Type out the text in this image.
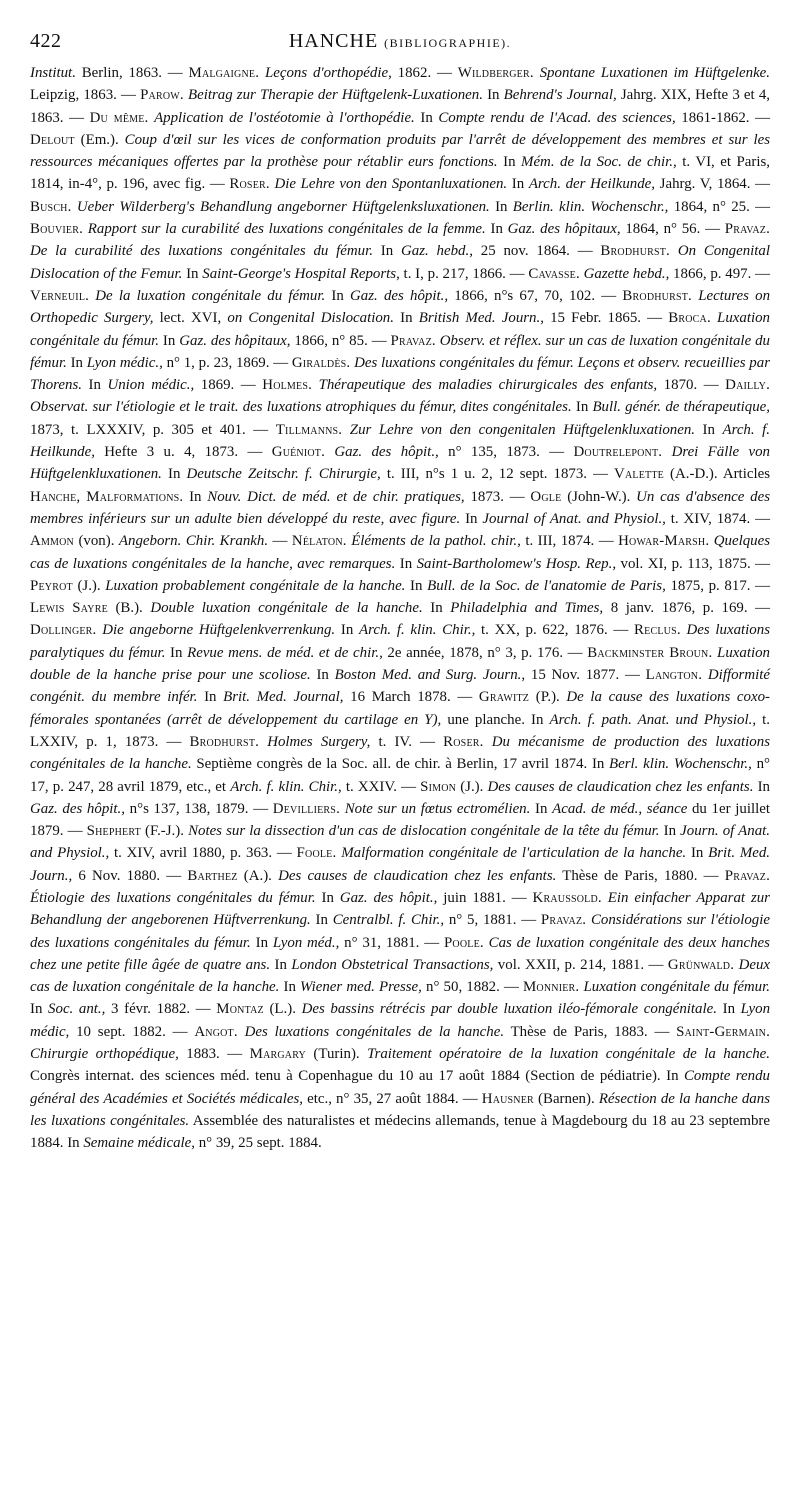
422	HANCHE (BIBLIOGRAPHIE).

Institut. Berlin, 1863. — Malgaigne. Leçons d'orthopédie, 1862. — Wildberger. Spontane Luxationen im Hüftgelenke. Leipzig, 1863. — Parow. Beitrag zur Therapie der Hüftgelenk-Luxationen. In Behrend's Journal, Jahrg. XIX, Hefte 3 et 4, 1863. — Du même. Application de l'ostéotomie à l'orthopédie. In Compte rendu de l'Acad. des sciences, 1861-1862. — Delout (Em.). Coup d'œil sur les vices de conformation produits par l'arrêt de développement des membres et sur les ressources mécaniques offertes par la prothèse pour rétablir eurs fonctions. In Mém. de la Soc. de chir., t. VI, et Paris, 1814, in-4°, p. 196, avec fig. — Roser. Die Lehre von den Spontanluxationen. In Arch. der Heilkunde, Jahrg. V, 1864. — Busch. Ueber Wilderberg's Behandlung angeborner Hüftgelenksluxationen. In Berlin. klin. Wochenschr., 1864, n° 25. — Bouvier. Rapport sur la curabilité des luxations congénitales de la femme. In Gaz. des hôpitaux, 1864, n° 56. — Pravaz. De la curabilité des luxations congénitales du fémur. In Gaz. hebd., 25 nov. 1864. — Brodhurst. On Congenital Dislocation of the Femur. In Saint-George's Hospital Reports, t. I, p. 217, 1866. — Cavasse. Gazette hebd., 1866, p. 497. — Verneuil. De la luxation congénitale du fémur. In Gaz. des hôpit., 1866, n°s 67, 70, 102. — Brodhurst. Lectures on Orthopedic Surgery, lect. XVI, on Congenital Dislocation. In British Med. Journ., 15 Febr. 1865. — Broca. Luxation congénitale du fémur. In Gaz. des hôpitaux, 1866, n° 85. — Pravaz. Observ. et réflex. sur un cas de luxation congénitale du fémur. In Lyon médic., n° 1, p. 23, 1869. — Giraldès. Des luxations congénitales du fémur. Leçons et observ. recueillies par Thorens. In Union médic., 1869. — Holmes. Thérapeutique des maladies chirurgicales des enfants, 1870. — Dailly. Observat. sur l'étiologie et le trait. des luxations atrophiques du fémur, dites congénitales. In Bull. génér. de thérapeutique, 1873, t. LXXXIV, p. 305 et 401. — Tillmanns. Zur Lehre von den congenitalen Hüftgelenkluxationen. In Arch. f. Heilkunde, Hefte 3 u. 4, 1873. — Guéniot. Gaz. des hôpit., n° 135, 1873. — Doutrelepont. Drei Fälle von Hüftgelenkluxationen. In Deutsche Zeitschr. f. Chirurgie, t. III, n°s 1 u. 2, 12 sept. 1873. — Valette (A.-D.). Articles Hanche, Malformations. In Nouv. Dict. de méd. et de chir. pratiques, 1873. — Ogle (John-W.). Un cas d'absence des membres inférieurs sur un adulte bien développé du reste, avec figure. In Journal of Anat. and Physiol., t. XIV, 1874. — Ammon (von). Angeborn. Chir. Krankh. — Nélaton. Éléments de la pathol. chir., t. III, 1874. — Howar-Marsh. Quelques cas de luxations congénitales de la hanche, avec remarques. In Saint-Bartholomew's Hosp. Rep., vol. XI, p. 113, 1875. — Peyrot (J.). Luxation probablement congénitale de la hanche. In Bull. de la Soc. de l'anatomie de Paris, 1875, p. 817. — Lewis Sayre (B.). Double luxation congénitale de la hanche. In Philadelphia and Times, 8 janv. 1876, p. 169. — Dollinger. Die angeborne Hüftgelenkverrenkung. In Arch. f. klin. Chir., t. XX, p. 622, 1876. — Reclus. Des luxations paralytiques du fémur. In Revue mens. de méd. et de chir., 2e année, 1878, n° 3, p. 176. — Backminster Broun. Luxation double de la hanche prise pour une scoliose. In Boston Med. and Surg. Journ., 15 Nov. 1877. — Langton. Difformité congénit. du membre infér. In Brit. Med. Journal, 16 March 1878. — Grawitz (P.). De la cause des luxations coxo-fémorales spontanées (arrêt de développement du cartilage en Y), une planche. In Arch. f. path. Anat. und Physiol., t. LXXIV, p. 1, 1873. — Brodhurst. Holmes Surgery, t. IV. — Roser. Du mécanisme de production des luxations congénitales de la hanche. Septième congrès de la Soc. all. de chir. à Berlin, 17 avril 1874. In Berl. klin. Wochenschr., n° 17, p. 247, 28 avril 1879, etc., et Arch. f. klin. Chir., t. XXIV. — Simon (J.). Des causes de claudication chez les enfants. In Gaz. des hôpit., n°s 137, 138, 1879. — Devilliers. Note sur un fœtus ectromélien. In Acad. de méd., séance du 1er juillet 1879. — Shephert (F.-J.). Notes sur la dissection d'un cas de dislocation congénitale de la tête du fémur. In Journ. of Anat. and Physiol., t. XIV, avril 1880, p. 363. — Foole. Malformation congénitale de l'articulation de la hanche. In Brit. Med. Journ., 6 Nov. 1880. — Barthez (A.). Des causes de claudication chez les enfants. Thèse de Paris, 1880. — Pravaz. Étiologie des luxations congénitales du fémur. In Gaz. des hôpit., juin 1881. — Kraussold. Ein einfacher Apparat zur Behandlung der angeborenen Hüftverrenkung. In Centralbl. f. Chir., n° 5, 1881. — Pravaz. Considérations sur l'étiologie des luxations congénitales du fémur. In Lyon méd., n° 31, 1881. — Poole. Cas de luxation congénitale des deux hanches chez une petite fille âgée de quatre ans. In London Obstetrical Transactions, vol. XXII, p. 214, 1881. — Grünwald. Deux cas de luxation congénitale de la hanche. In Wiener med. Presse, n° 50, 1882. — Monnier. Luxation congénitale du fémur. In Soc. ant., 3 févr. 1882. — Montaz (L.). Des bassins rétrécis par double luxation iléo-fémorale congénitale. In Lyon médic, 10 sept. 1882. — Angot. Des luxations congénitales de la hanche. Thèse de Paris, 1883. — Saint-Germain. Chirurgie orthopédique, 1883. — Margary (Turin). Traitement opératoire de la luxation congénitale de la hanche. Congrès internat. des sciences méd. tenu à Copenhague du 10 au 17 août 1884 (Section de pédiatrie). In Compte rendu général des Académies et Sociétés médicales, etc., n° 35, 27 août 1884. — Hausner (Barnen). Résection de la hanche dans les luxations congénitales. Assemblée des naturalistes et médecins allemands, tenue à Magdebourg du 18 au 23 septembre 1884. In Semaine médicale, n° 39, 25 sept. 1884.
